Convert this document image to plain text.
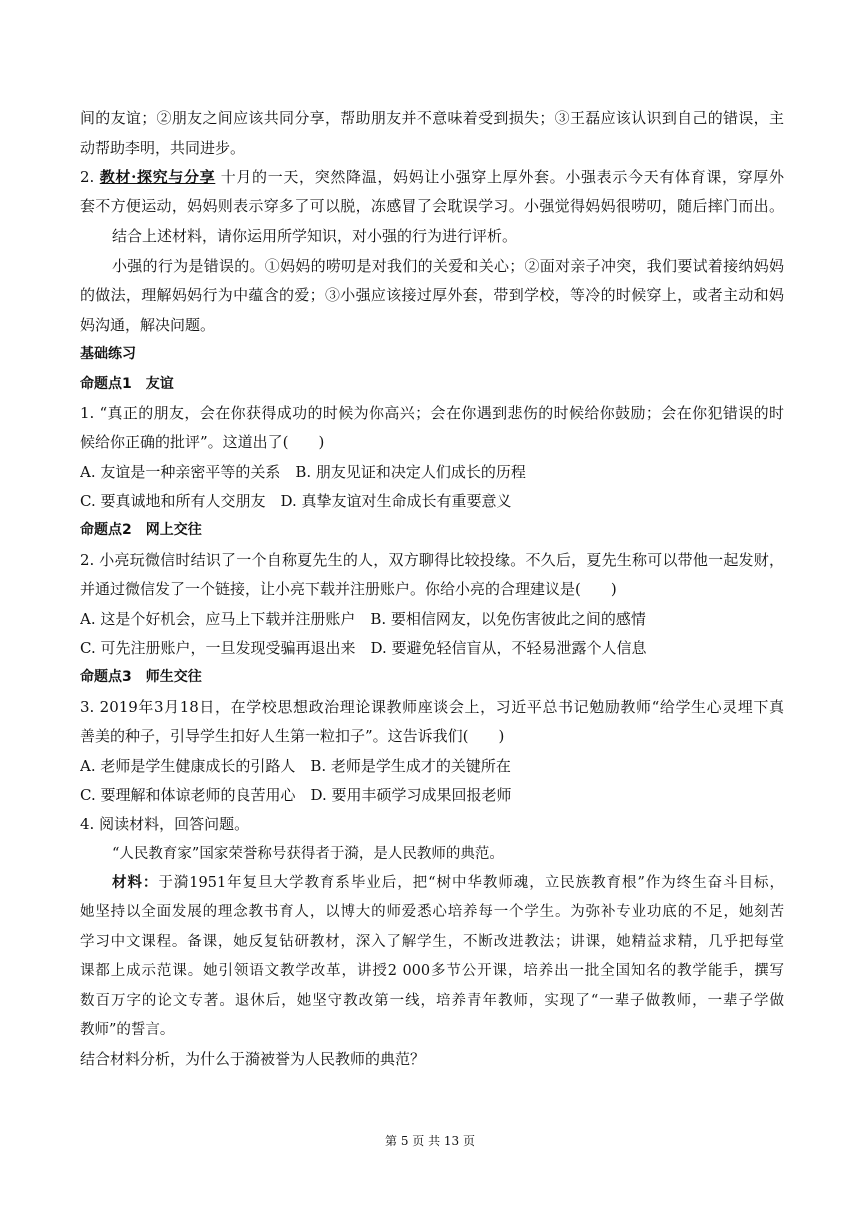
间的友谊；②朋友之间应该共同分享，帮助朋友并不意味着受到损失；③王磊应该认识到自己的错误，主
动帮助李明，共同进步。
2. 教材·探究与分享 十月的一天，突然降温，妈妈让小强穿上厚外套。小强表示今天有体育课，穿厚外
套不方便运动，妈妈则表示穿多了可以脱，冻感冒了会耽误学习。小强觉得妈妈很唠叨，随后摔门而出。
结合上述材料，请你运用所学知识，对小强的行为进行评析。
小强的行为是错误的。①妈妈的唠叨是对我们的关爱和关心；②面对亲子冲突，我们要试着接纳妈妈
的做法，理解妈妈行为中蕴含的爱；③小强应该接过厚外套，带到学校，等冷的时候穿上，或者主动和妈
妈沟通，解决问题。
基础练习
命题点1　友谊
1. “真正的朋友，会在你获得成功的时候为你高兴；会在你遇到悲伤的时候给你鼓励；会在你犯错误的时
候给你正确的批评”。这道出了(　　)
A. 友谊是一种亲密平等的关系　B. 朋友见证和决定人们成长的历程
C. 要真诚地和所有人交朋友　D. 真挚友谊对生命成长有重要意义
命题点2　网上交往
2. 小亮玩微信时结识了一个自称夏先生的人，双方聊得比较投缘。不久后，夏先生称可以带他一起发财，
并通过微信发了一个链接，让小亮下载并注册账户。你给小亮的合理建议是(　　)
A. 这是个好机会，应马上下载并注册账户　B. 要相信网友，以免伤害彼此之间的感情
C. 可先注册账户，一旦发现受骗再退出来　D. 要避免轻信盲从，不轻易泄露个人信息
命题点3　师生交往
3. 2019年3月18日，在学校思想政治理论课教师座谈会上，习近平总书记勉励教师“给学生心灵埋下真
善美的种子，引导学生扣好人生第一粒扣子”。这告诉我们(　　)
A. 老师是学生健康成长的引路人　B. 老师是学生成才的关键所在
C. 要理解和体谅老师的良苦用心　D. 要用丰硕学习成果回报老师
4. 阅读材料，回答问题。
“人民教育家”国家荣誉称号获得者于漪，是人民教师的典范。
材料：于漪1951年复旦大学教育系毕业后，把“树中华教师魂，立民族教育根”作为终生奋斗目标，
她坚持以全面发展的理念教书育人，以博大的师爱悉心培养每一个学生。为弥补专业功底的不足，她刻苦
学习中文课程。备课，她反复钻研教材，深入了解学生，不断改进教法；讲课，她精益求精，几乎把每堂
课都上成示范课。她引领语文教学改革，讲授2 000多节公开课，培养出一批全国知名的教学能手，撰写
数百万字的论文专著。退休后，她坚守教改第一线，培养青年教师，实现了“一辈子做教师，一辈子学做
教师”的誓言。
结合材料分析，为什么于漪被誉为人民教师的典范？
第 5 页 共 13 页
